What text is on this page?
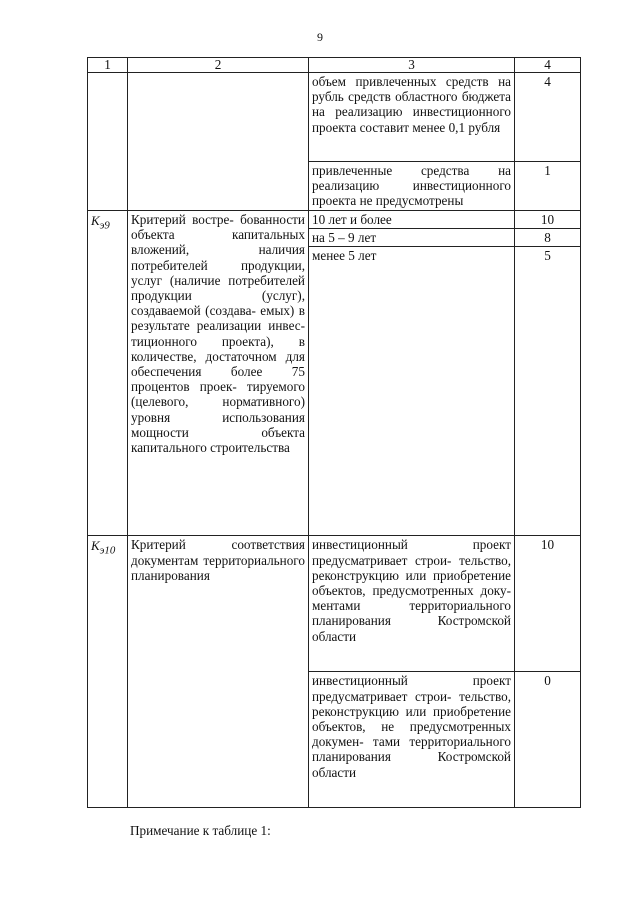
9
1	2	3	4
		объем привлеченных средств на рубль средств областного бюджета на реализацию инвестиционного проекта составит менее 0,1 рубля	4
		привлеченные средства на реализацию инвестиционного проекта не предусмотрены	1
$К_{э9}$	Критерий востре- бованности объекта капитальных вложений, наличия потребителей продукции, услуг (наличие потребителей продукции (услуг), создаваемой (создава- емых) в результате реализации инвес- тиционного проекта), в количестве, достаточном для обеспечения более 75 процентов проек- тируемого (целевого, нормативного) уровня использования мощности объекта капитального строительства	10 лет и более	10
		на 5 – 9 лет	8
		менее 5 лет	5
$К_{э10}$	Критерий соответствия документам территориального планирования	инвестиционный проект предусматривает строи- тельство, реконструкцию или приобретение объектов, предусмотренных доку- ментами территориального планирования Костромской области	10
		инвестиционный проект предусматривает строи- тельство, реконструкцию или приобретение объектов, не предусмотренных докумен- тами территориального планирования Костромской области	0
Примечание к таблице 1:
